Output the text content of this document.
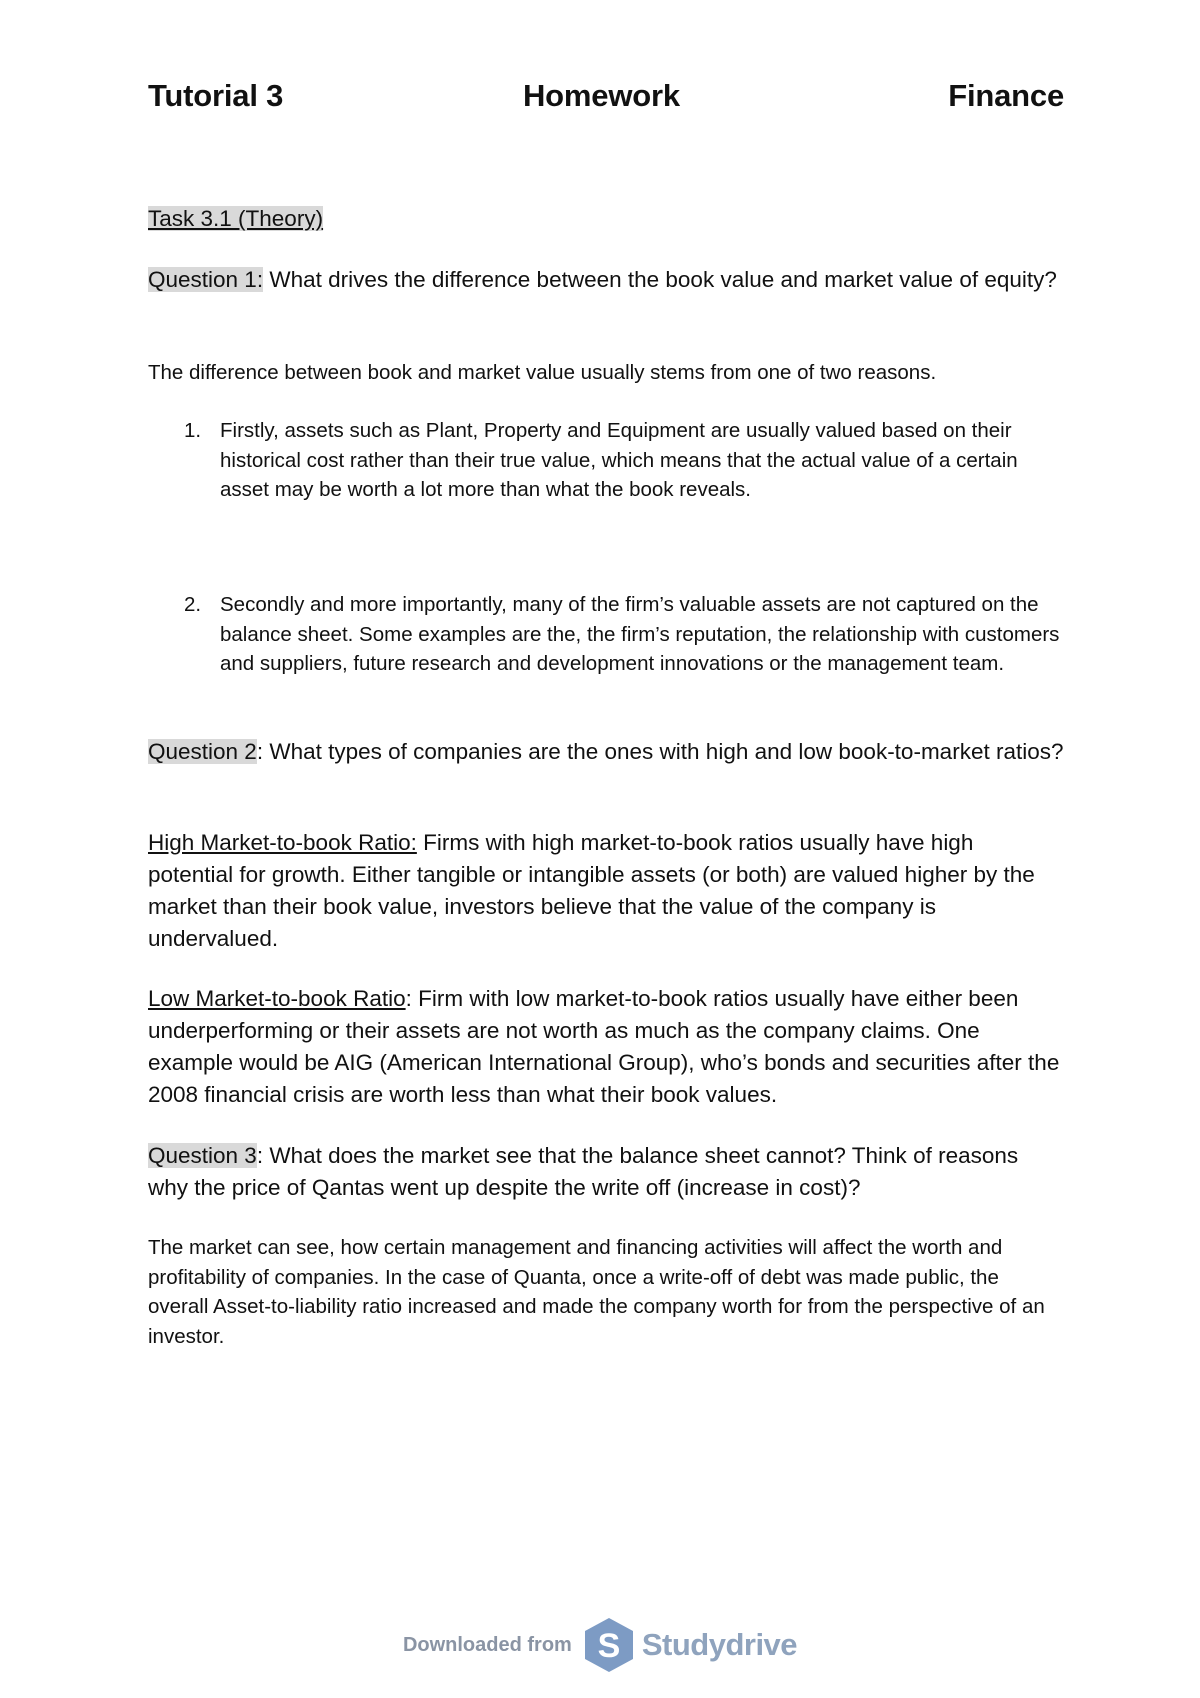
Tutorial 3	Homework	Finance
Task 3.1 (Theory)
Question 1: What drives the difference between the book value and market value of equity?
The difference between book and market value usually stems from one of two reasons.
1. Firstly, assets such as Plant, Property and Equipment are usually valued based on their historical cost rather than their true value, which means that the actual value of a certain asset may be worth a lot more than what the book reveals.
2. Secondly and more importantly, many of the firm’s valuable assets are not captured on the balance sheet. Some examples are the, the firm’s reputation, the relationship with customers and suppliers, future research and development innovations or the management team.
Question 2: What types of companies are the ones with high and low book-to-market ratios?
High Market-to-book Ratio: Firms with high market-to-book ratios usually have high potential for growth. Either tangible or intangible assets (or both) are valued higher by the market than their book value, investors believe that the value of the company is undervalued.
Low Market-to-book Ratio: Firm with low market-to-book ratios usually have either been underperforming or their assets are not worth as much as the company claims. One example would be AIG (American International Group), who’s bonds and securities after the 2008 financial crisis are worth less than what their book values.
Question 3: What does the market see that the balance sheet cannot? Think of reasons why the price of Qantas went up despite the write off (increase in cost)?
The market can see, how certain management and financing activities will affect the worth and profitability of companies. In the case of Quanta, once a write-off of debt was made public, the overall Asset-to-liability ratio increased and made the company worth for from the perspective of an investor.
Downloaded from S Studydrive
